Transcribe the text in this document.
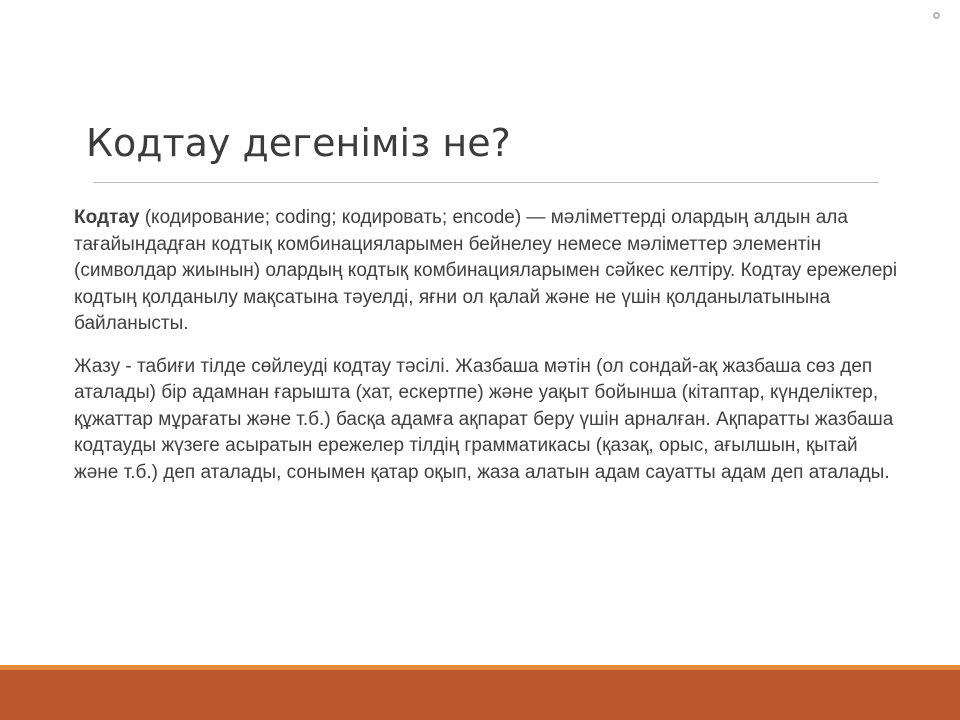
Кодтау дегеніміз не?

Кодтау (кодирование; coding; кодировать; encode) — мәліметтерді олардың алдын ала тағайындадған кодтық комбинацияларымен бейнелеу немесе мәліметтер элементін (символдар жиынын) олардың кодтық комбинацияларымен сәйкес келтіру. Кодтау ережелері кодтың қолданылу мақсатына тәуелді, яғни ол қалай және не үшін қолданылатынына байланысты.

Жазу - табиғи тілде сөйлеуді кодтау тәсілі. Жазбаша мәтін (ол сондай-ақ жазбаша сөз деп аталады) бір адамнан ғарышта (хат, ескертпе) және уақыт бойынша (кітаптар, күнделіктер, құжаттар мұрағаты және т.б.) басқа адамға ақпарат беру үшін арналған. Ақпаратты жазбаша кодтауды жүзеге асыратын ережелер тілдің грамматикасы (қазақ, орыс, ағылшын, қытай және т.б.) деп аталады, сонымен қатар оқып, жаза алатын адам сауатты адам деп аталады.
